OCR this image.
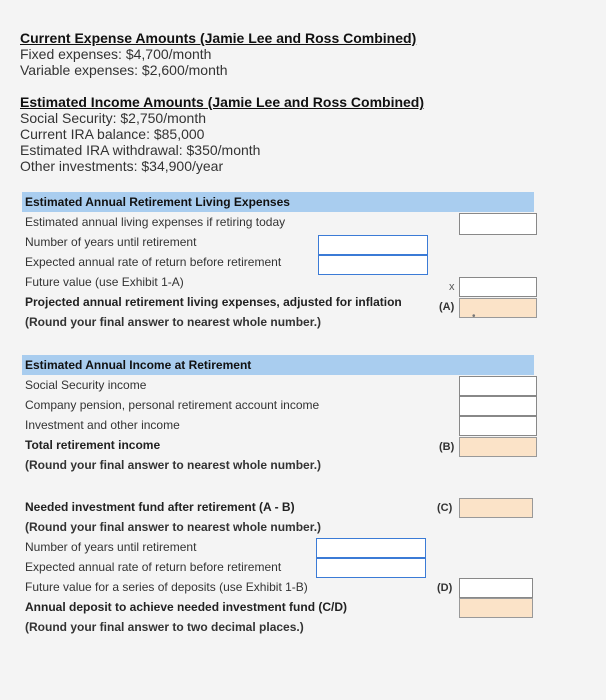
Current Expense Amounts (Jamie Lee and Ross Combined)
Fixed expenses: $4,700/month
Variable expenses: $2,600/month
Estimated Income Amounts (Jamie Lee and Ross Combined)
Social Security: $2,750/month
Current IRA balance: $85,000
Estimated IRA withdrawal: $350/month
Other investments: $34,900/year
Estimated Annual Retirement Living Expenses
Estimated annual living expenses if retiring today
Number of years until retirement
Expected annual rate of return before retirement
Future value (use Exhibit 1-A)
Projected annual retirement living expenses, adjusted for inflation
(Round your final answer to nearest whole number.)
x
(A)
•
Estimated Annual Income at Retirement
Social Security income
Company pension, personal retirement account income
Investment and other income
Total retirement income
(Round your final answer to nearest whole number.)
(B)
Needed investment fund after retirement (A - B)
(Round your final answer to nearest whole number.)
Number of years until retirement
Expected annual rate of return before retirement
Future value for a series of deposits (use Exhibit 1-B)
Annual deposit to achieve needed investment fund (C/D)
(Round your final answer to two decimal places.)
(C)
(D)
